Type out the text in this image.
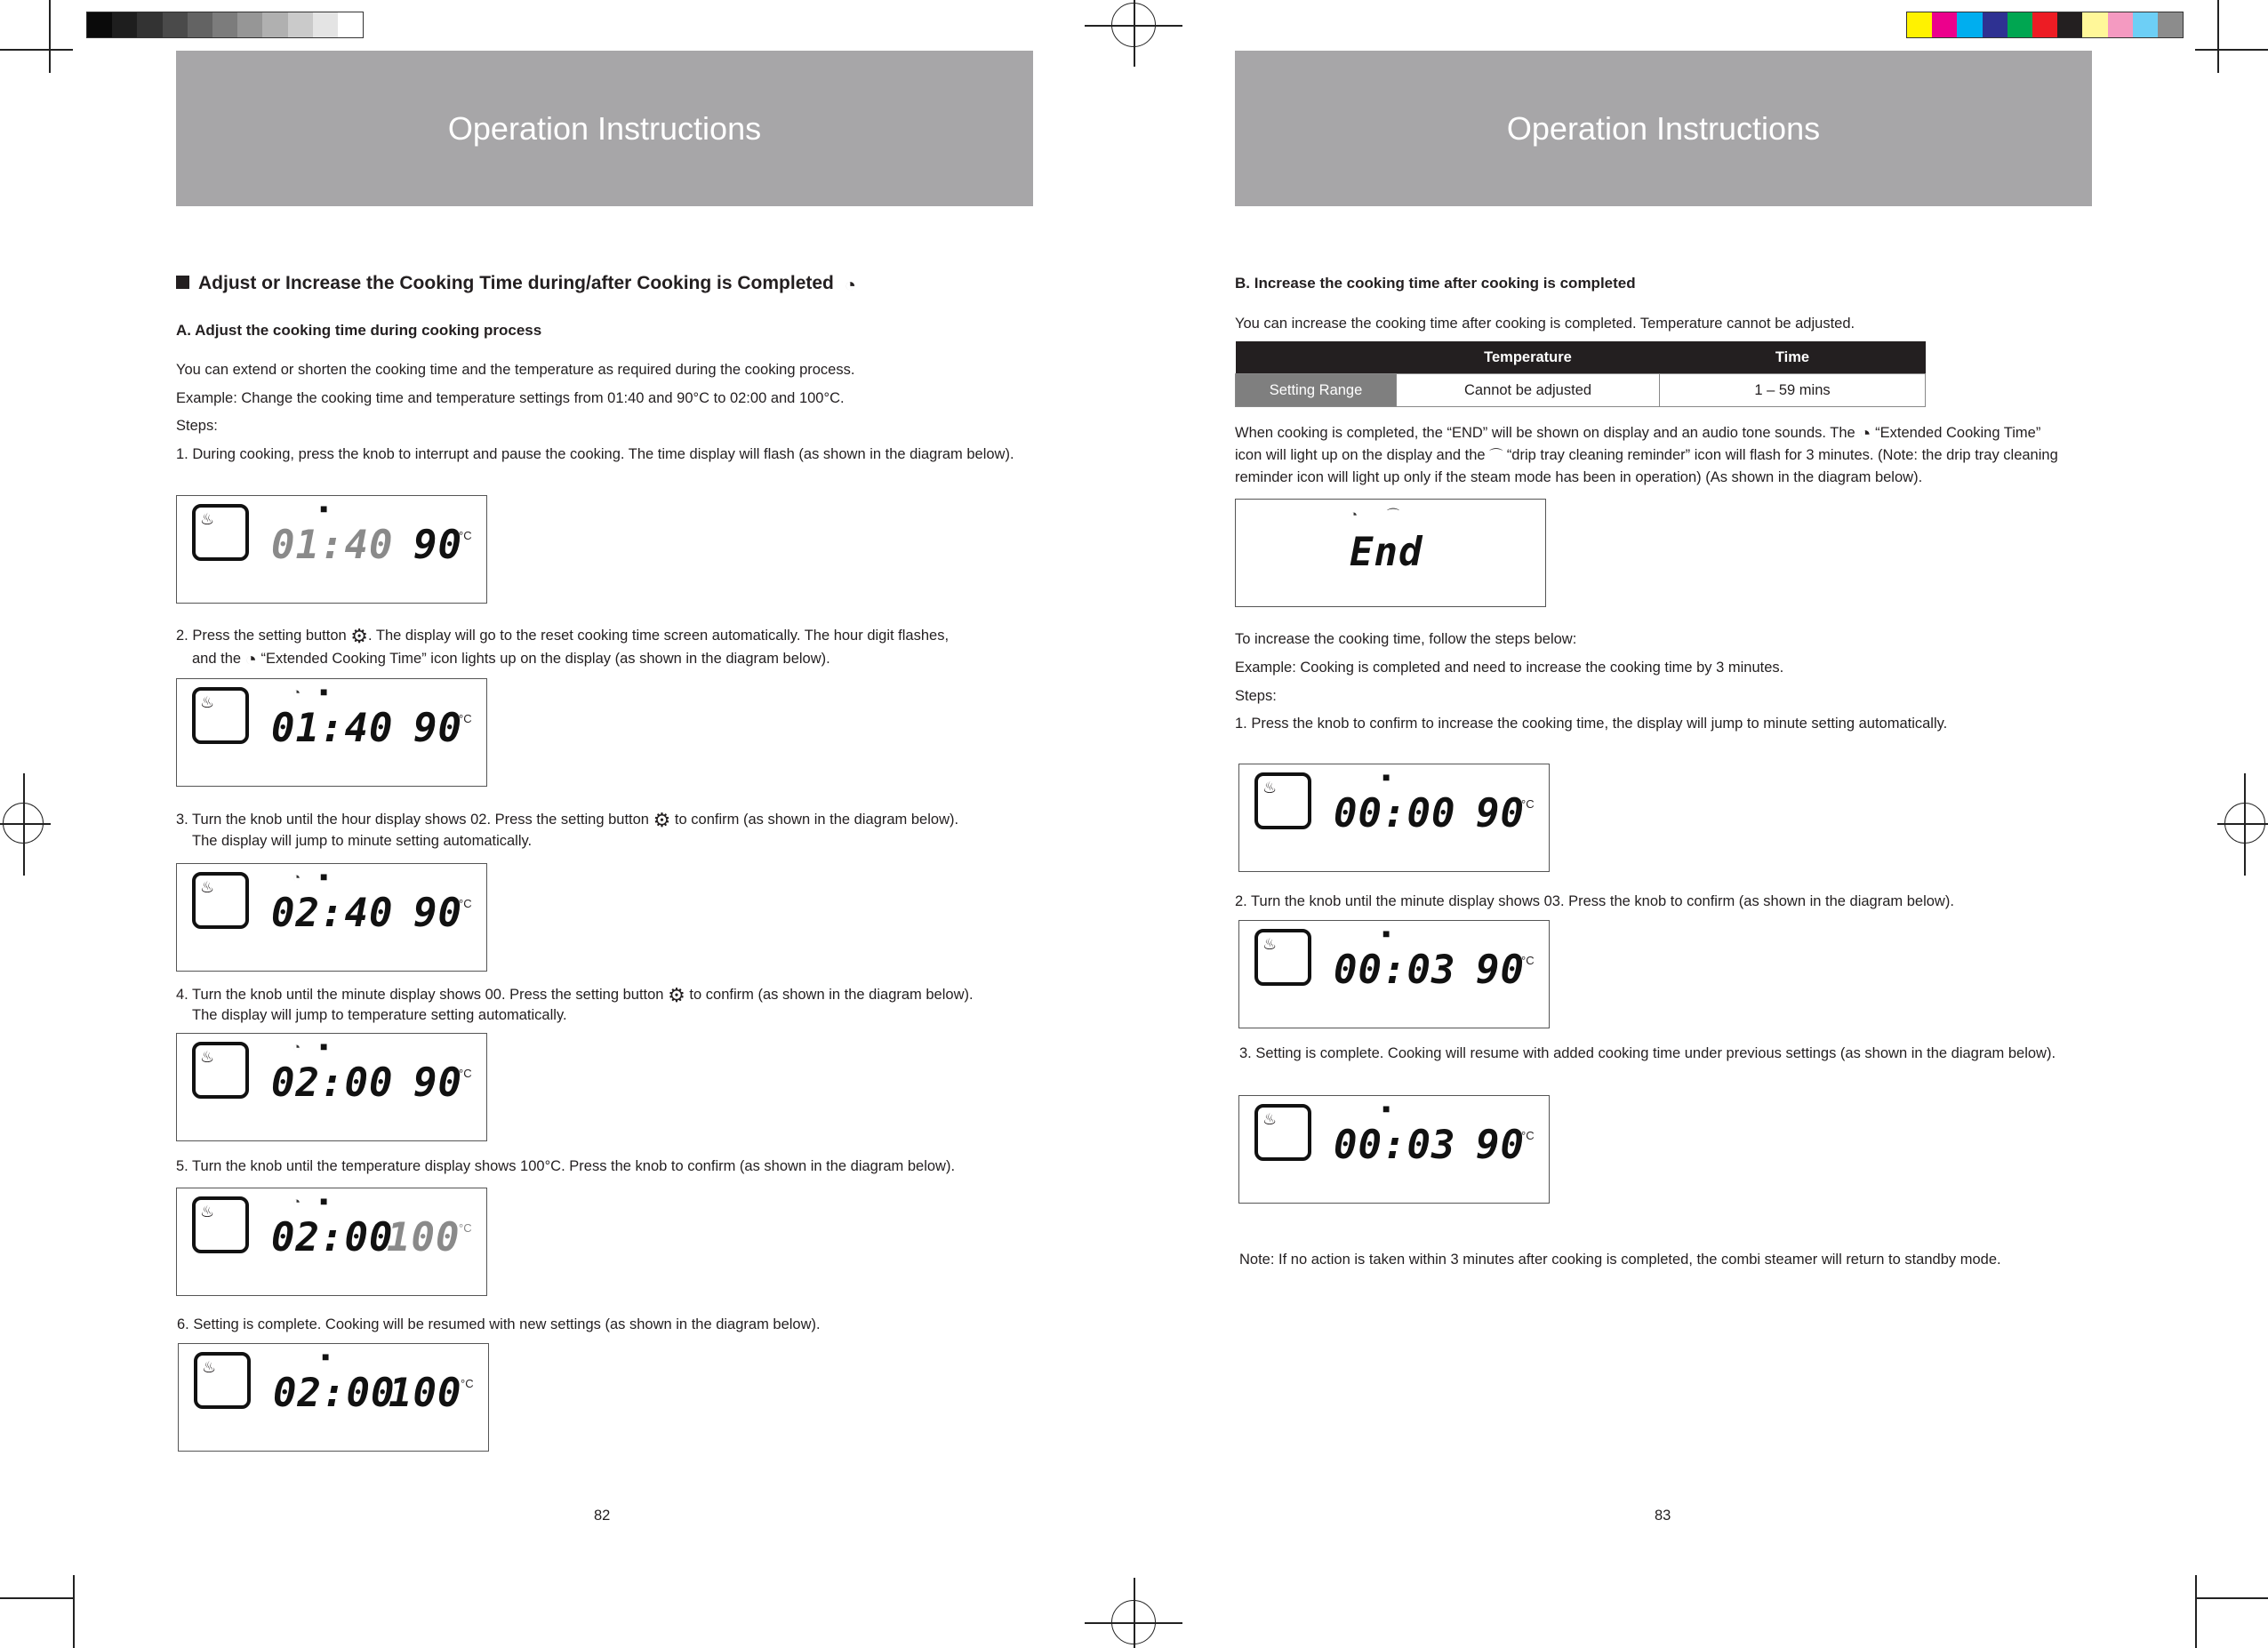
Operation Instructions
Adjust or Increase the Cooking Time during/after Cooking is Completed ◔
A. Adjust the cooking time during cooking process
You can extend or shorten the cooking time and the temperature as required during the cooking process.
Example: Change the cooking time and temperature settings from 01:40 and 90°C to 02:00 and 100°C.
Steps:
1. During cooking, press the knob to interrupt and pause the cooking. The time display will flash (as shown in the diagram below).
♨
■
01:40 90
°C
2. Press the setting button ⚙. The display will go to the reset cooking time screen automatically. The hour digit flashes,
and the ◔ “Extended Cooking Time” icon lights up on the display (as shown in the diagram below).
♨
◔ ■
01:40 90
°C
3. Turn the knob until the hour display shows 02. Press the setting button ⚙ to confirm (as shown in the diagram below).
The display will jump to minute setting automatically.
♨
◔ ■
02:40 90
°C
4. Turn the knob until the minute display shows 00. Press the setting button ⚙ to confirm (as shown in the diagram below).
The display will jump to temperature setting automatically.
♨
◔ ■
02:00 90
°C
5. Turn the knob until the temperature display shows 100°C. Press the knob to confirm (as shown in the diagram below).
♨
◔ ■
02:00
100
°C
6. Setting is complete. Cooking will be resumed with new settings (as shown in the diagram below).
♨
■
02:00
100
°C
82
Operation Instructions
B. Increase the cooking time after cooking is completed
You can increase the cooking time after cooking is completed. Temperature cannot be adjusted.
	Temperature	Time
Setting Range	Cannot be adjusted	1 – 59 mins
When cooking is completed, the “END” will be shown on display and an audio tone sounds. The ◔ “Extended Cooking Time” icon will light up on the display and the ⌒ “drip tray cleaning reminder” icon will flash for 3 minutes. (Note: the drip tray cleaning reminder icon will light up only if the steam mode has been in operation) (As shown in the diagram below).
◔ ⌒
End
To increase the cooking time, follow the steps below:
Example: Cooking is completed and need to increase the cooking time by 3 minutes.
Steps:
1. Press the knob to confirm to increase the cooking time, the display will jump to minute setting automatically.
♨
■
00:00 90
°C
2. Turn the knob until the minute display shows 03. Press the knob to confirm (as shown in the diagram below).
♨
■
00:03 90
°C
3. Setting is complete. Cooking will resume with added cooking time under previous settings (as shown in the diagram below).
♨
■
00:03 90
°C
Note: If no action is taken within 3 minutes after cooking is completed, the combi steamer will return to standby mode.
83
